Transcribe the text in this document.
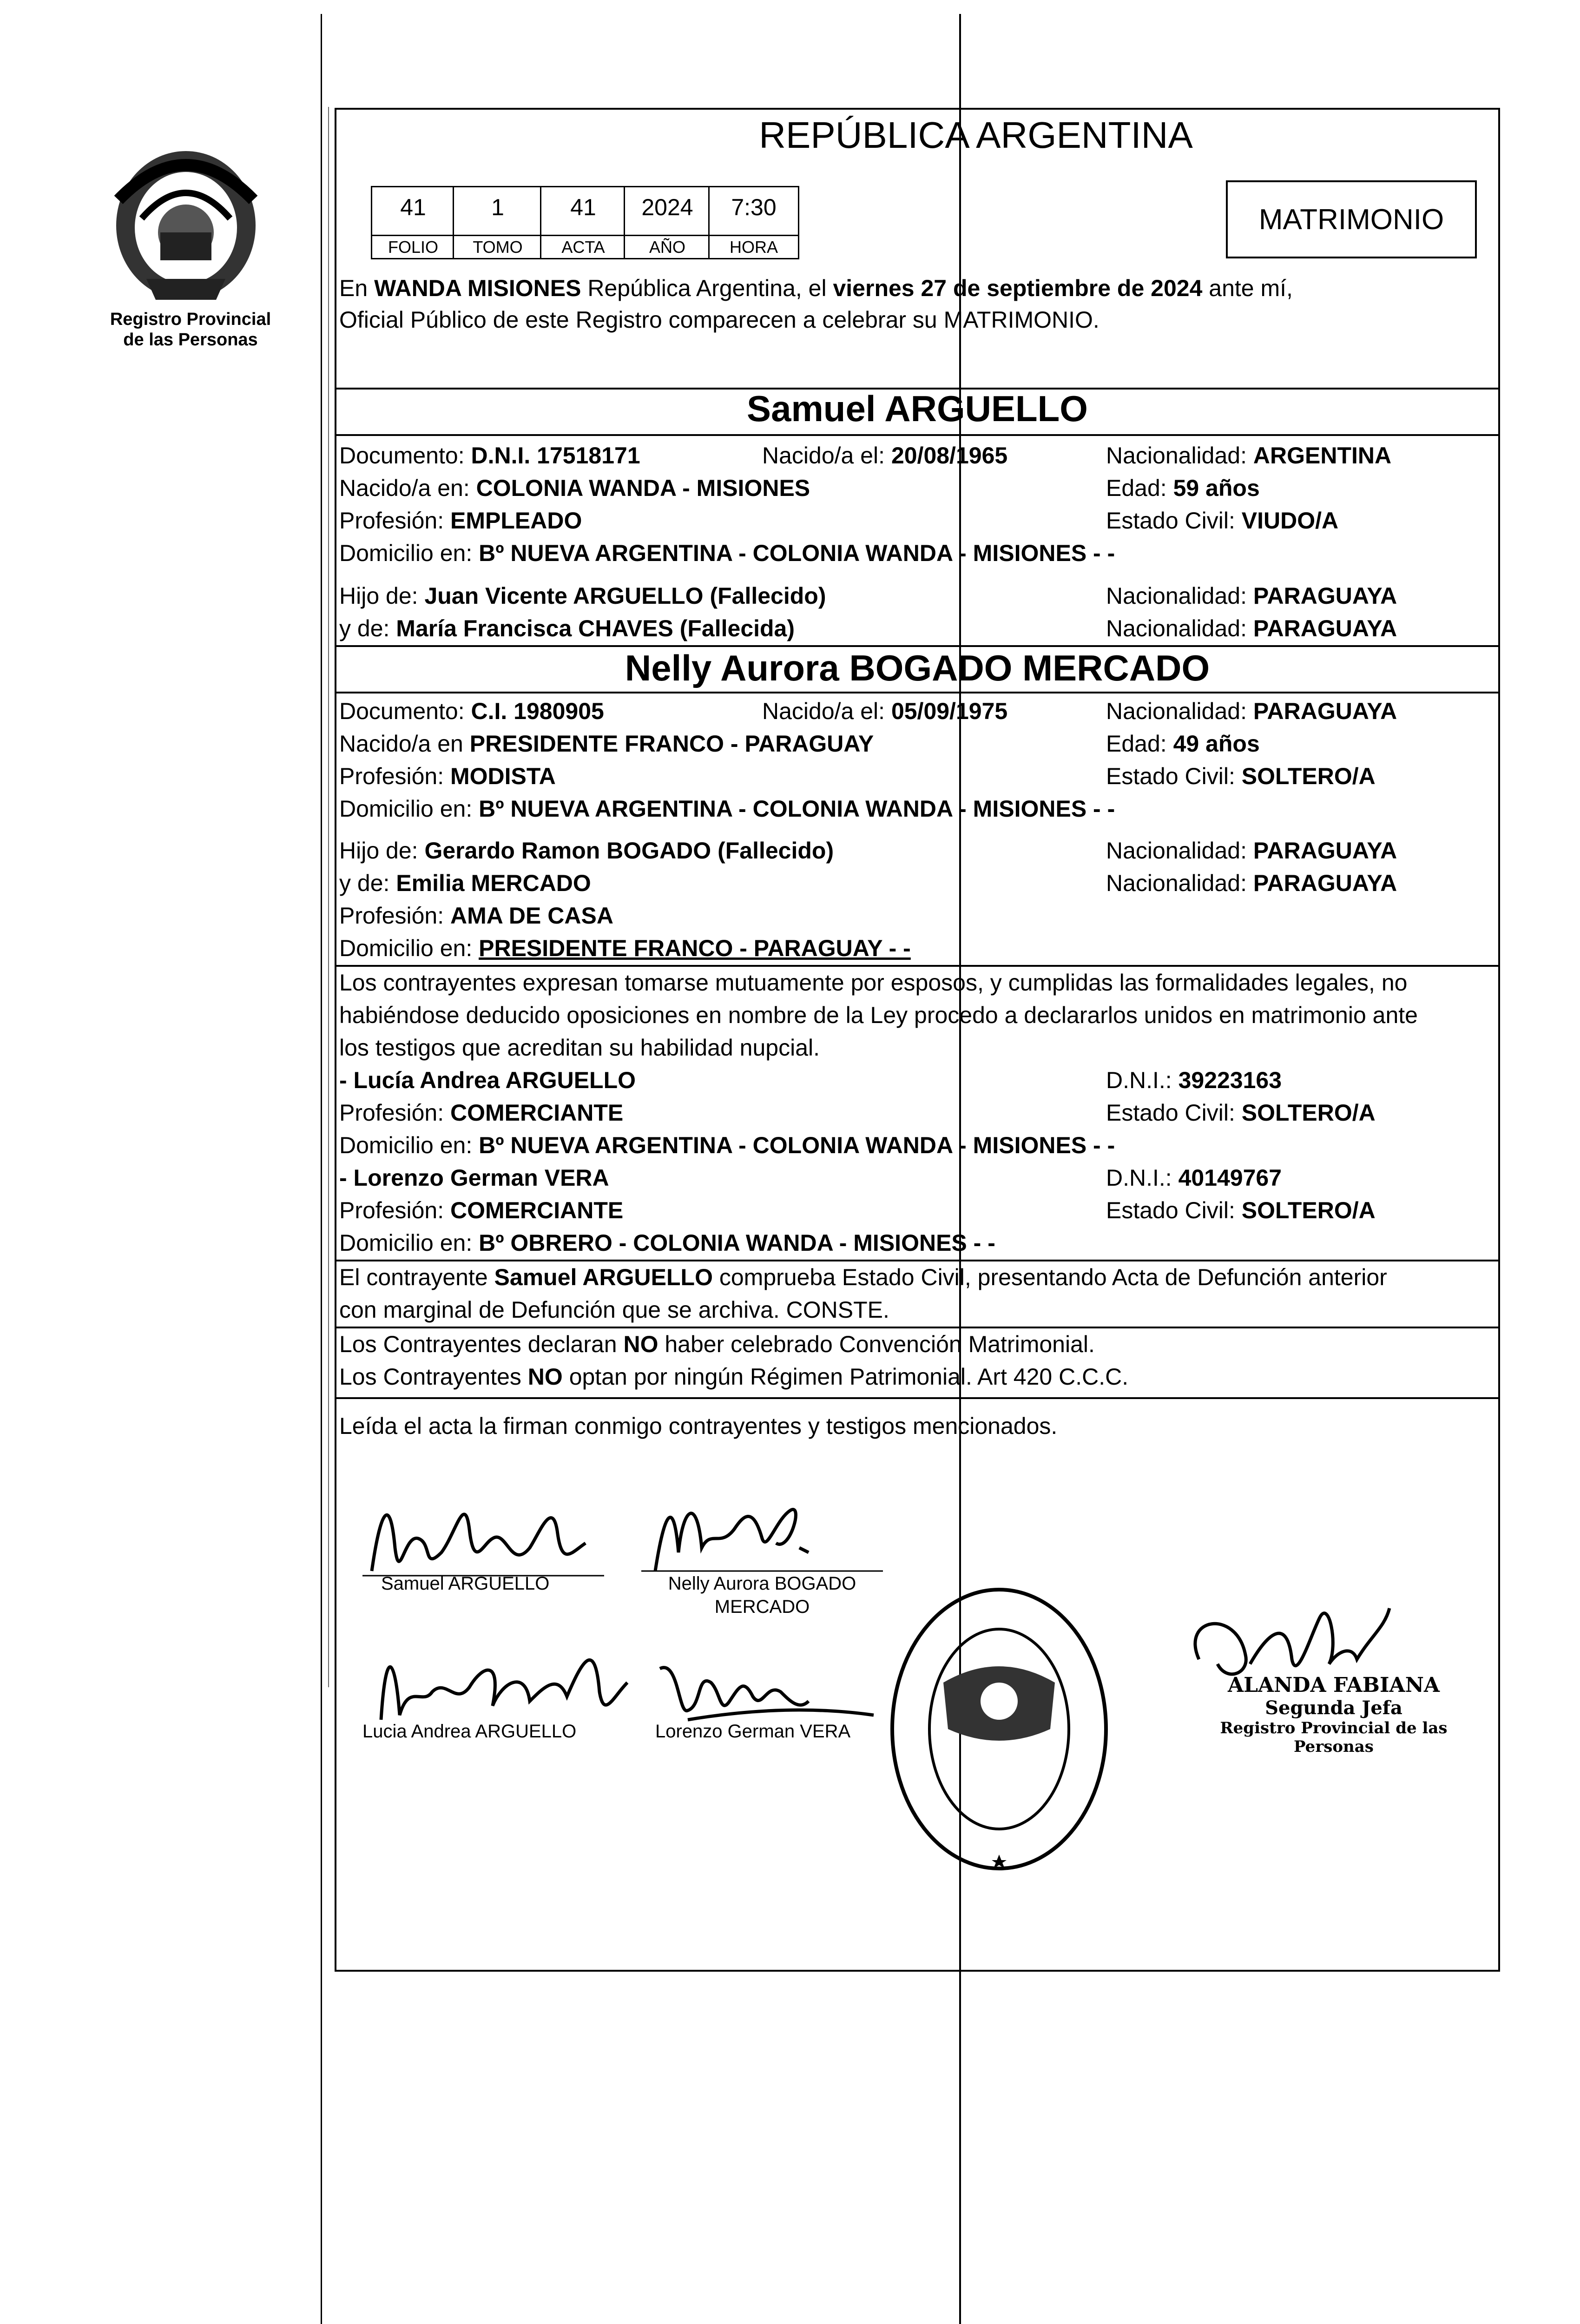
Registro Provincial
de las Personas
REPÚBLICA ARGENTINA
41	1	41	2024	7:30
FOLIO	TOMO	ACTA	AÑO	HORA
MATRIMONIO
En WANDA MISIONES República Argentina, el viernes 27 de septiembre de 2024 ante mí,
Oficial Público de este Registro comparecen a celebrar su MATRIMONIO.
Samuel ARGUELLO
Documento: D.N.I. 17518171	Nacido/a el: 20/08/1965	Nacionalidad: ARGENTINA
Nacido/a en: COLONIA WANDA - MISIONES	Edad: 59 años
Profesión: EMPLEADO	Estado Civil: VIUDO/A
Domicilio en: Bº NUEVA ARGENTINA - COLONIA WANDA - MISIONES - -
Hijo de: Juan Vicente ARGUELLO (Fallecido)	Nacionalidad: PARAGUAYA
y de: María Francisca CHAVES (Fallecida)	Nacionalidad: PARAGUAYA
Nelly Aurora BOGADO MERCADO
Documento: C.I. 1980905	Nacido/a el: 05/09/1975	Nacionalidad: PARAGUAYA
Nacido/a en PRESIDENTE FRANCO - PARAGUAY	Edad: 49 años
Profesión: MODISTA	Estado Civil: SOLTERO/A
Domicilio en: Bº NUEVA ARGENTINA - COLONIA WANDA - MISIONES - -
Hijo de: Gerardo Ramon BOGADO (Fallecido)	Nacionalidad: PARAGUAYA
y de: Emilia MERCADO	Nacionalidad: PARAGUAYA
Profesión: AMA DE CASA
Domicilio en: PRESIDENTE FRANCO - PARAGUAY - -
Los contrayentes expresan tomarse mutuamente por esposos, y cumplidas las formalidades legales, no
habiéndose deducido oposiciones en nombre de la Ley procedo a declararlos unidos en matrimonio ante
los testigos que acreditan su habilidad nupcial.
- Lucía Andrea ARGUELLO	D.N.I.: 39223163
Profesión: COMERCIANTE	Estado Civil: SOLTERO/A
Domicilio en: Bº NUEVA ARGENTINA - COLONIA WANDA - MISIONES - -
- Lorenzo German VERA	D.N.I.: 40149767
Profesión: COMERCIANTE	Estado Civil: SOLTERO/A
Domicilio en: Bº OBRERO - COLONIA WANDA - MISIONES - -
El contrayente Samuel ARGUELLO comprueba Estado Civil, presentando Acta de Defunción anterior
con marginal de Defunción que se archiva. CONSTE.
Los Contrayentes declaran NO haber celebrado Convención Matrimonial.
Los Contrayentes NO optan por ningún Régimen Patrimonial. Art 420 C.C.C.
Leída el acta la firman conmigo contrayentes y testigos mencionados.
Samuel ARGUELLO	Nelly Aurora BOGADO
MERCADO
Lucia Andrea ARGUELLO	Lorenzo German VERA
ALANDA FABIANA
Segunda Jefa
Registro Provincial de las Personas
